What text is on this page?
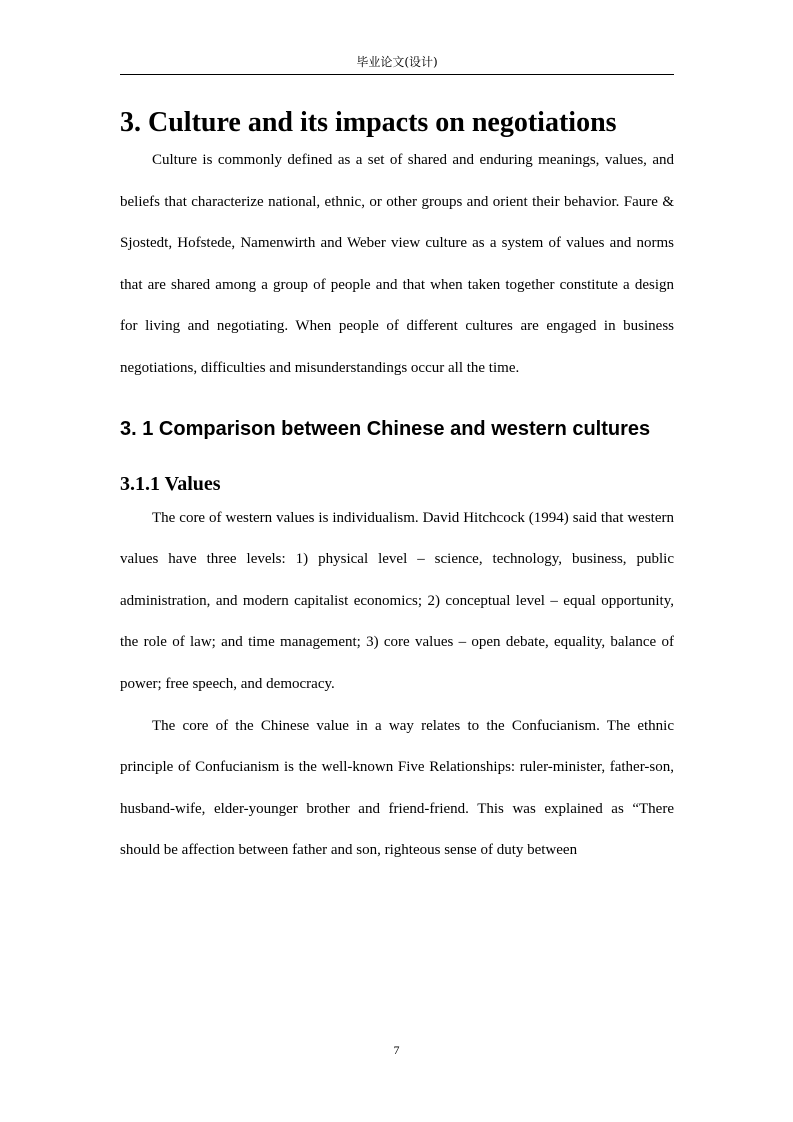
毕业论文(设计)
3. Culture and its impacts on negotiations

Culture is commonly defined as a set of shared and enduring meanings, values, and beliefs that characterize national, ethnic, or other groups and orient their behavior. Faure & Sjostedt, Hofstede, Namenwirth and Weber view culture as a system of values and norms that are shared among a group of people and that when taken together constitute a design for living and negotiating. When people of different cultures are engaged in business negotiations, difficulties and misunderstandings occur all the time.

3. 1 Comparison between Chinese and western cultures
3.1.1 Values

The core of western values is individualism. David Hitchcock (1994) said that western values have three levels: 1) physical level – science, technology, business, public administration, and modern capitalist economics; 2) conceptual level – equal opportunity, the role of law; and time management; 3) core values – open debate, equality, balance of power; free speech, and democracy.

The core of the Chinese value in a way relates to the Confucianism. The ethnic principle of Confucianism is the well-known Five Relationships: ruler-minister, father-son, husband-wife, elder-younger brother and friend-friend. This was explained as “There should be affection between father and son, righteous sense of duty between

7
